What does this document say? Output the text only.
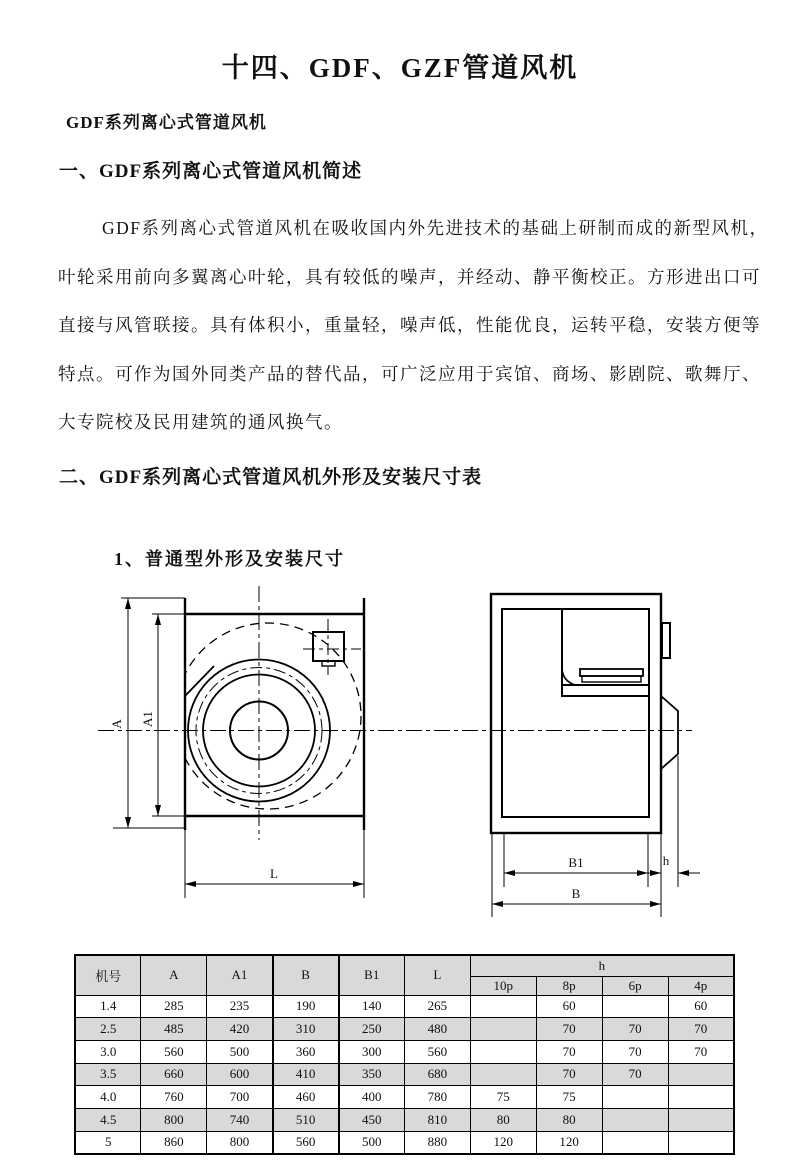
十四、GDF、GZF管道风机
GDF系列离心式管道风机
一、GDF系列离心式管道风机简述
GDF系列离心式管道风机在吸收国内外先进技术的基础上研制而成的新型风机，
叶轮采用前向多翼离心叶轮，具有较低的噪声，并经动、静平衡校正。方形进出口可
直接与风管联接。具有体积小，重量轻，噪声低，性能优良，运转平稳，安装方便等
特点。可作为国外同类产品的替代品，可广泛应用于宾馆、商场、影剧院、歌舞厅、
大专院校及民用建筑的通风换气。
二、GDF系列离心式管道风机外形及安装尺寸表
1、普通型外形及安装尺寸
A A1
L
B1	h
B
机号	A	A1	B	B1	L	h			
						10p	8p	6p	4p
1.4	285	235	190	140	265		60		60
2.5	485	420	310	250	480		70	70	70
3.0	560	500	360	300	560		70	70	70
3.5	660	600	410	350	680		70	70	
4.0	760	700	460	400	780	75	75		
4.5	800	740	510	450	810	80	80		
5	860	800	560	500	880	120	120		
